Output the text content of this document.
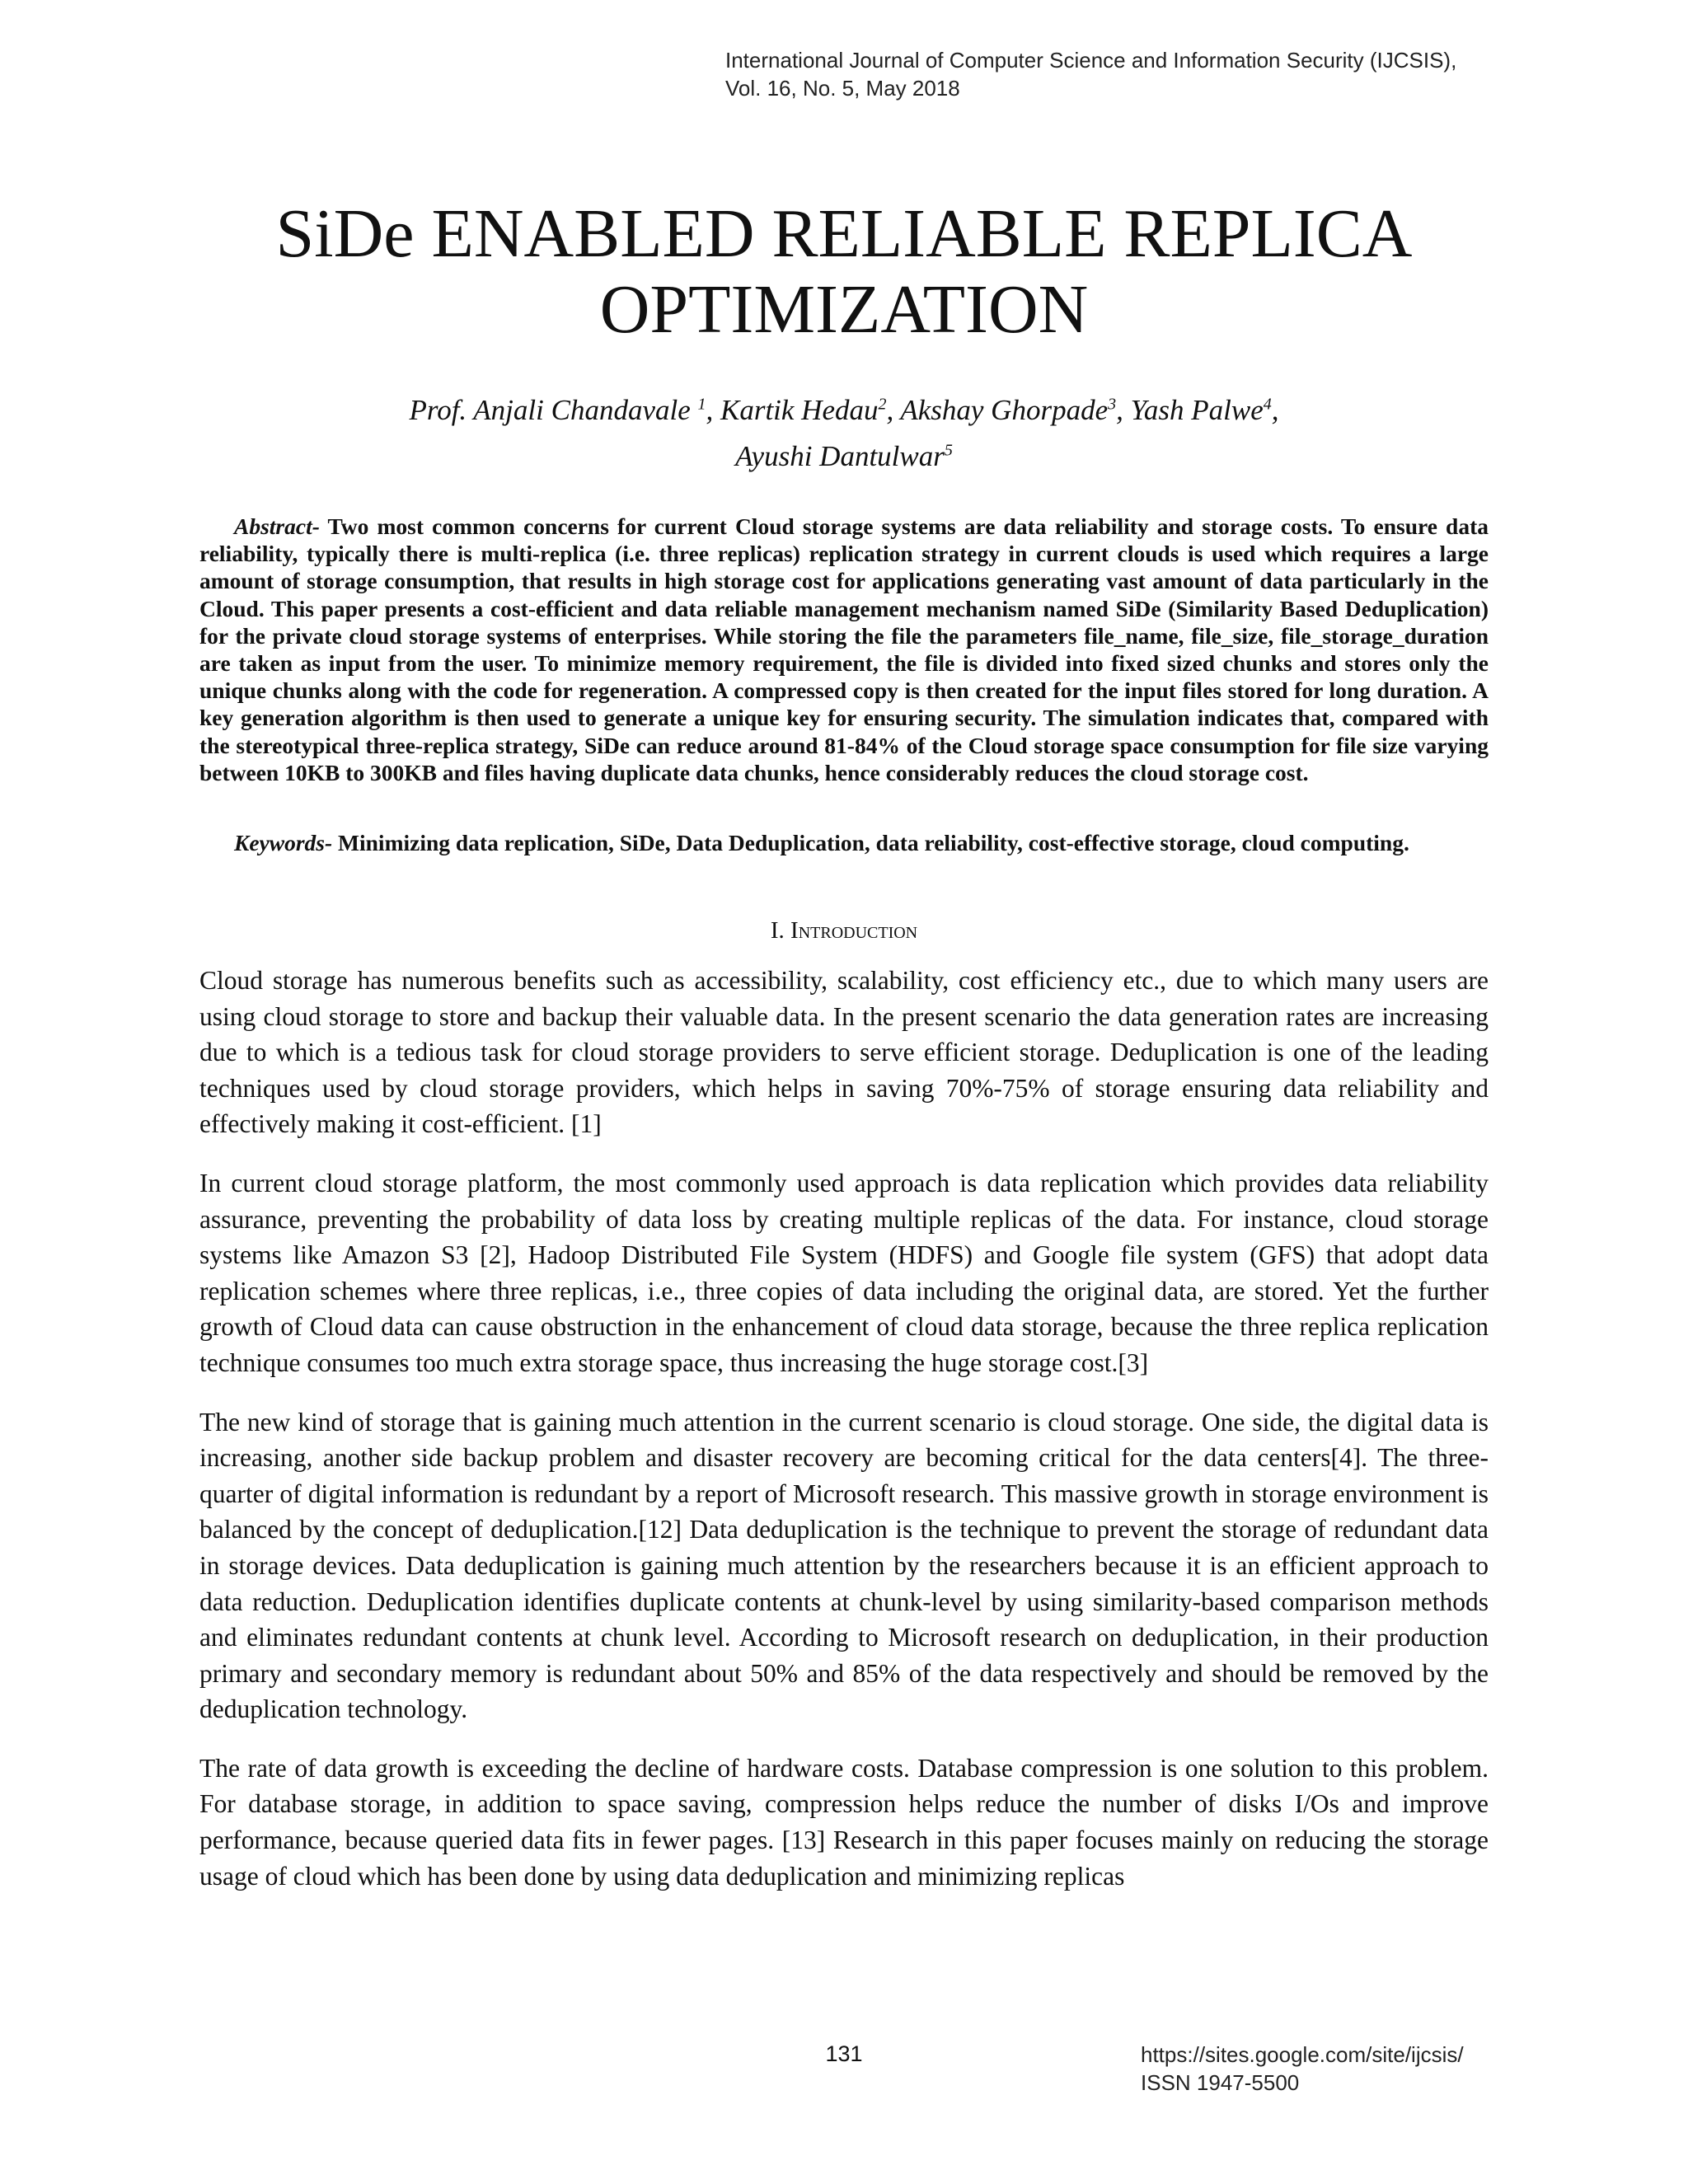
International Journal of Computer Science and Information Security (IJCSIS),
Vol. 16, No. 5, May 2018
SiDe ENABLED RELIABLE REPLICA
OPTIMIZATION
Prof. Anjali Chandavale $^1$, Kartik Hedau$^2$, Akshay Ghorpade$^3$, Yash Palwe$^4$,
Ayushi Dantulwar$^5$

Abstract- Two most common concerns for current Cloud storage systems are data reliability and storage costs. To ensure data reliability, typically there is multi-replica (i.e. three replicas) replication strategy in current clouds is used which requires a large amount of storage consumption, that results in high storage cost for applications generating vast amount of data particularly in the Cloud. This paper presents a cost-efficient and data reliable management mechanism named SiDe (Similarity Based Deduplication) for the private cloud storage systems of enterprises. While storing the file the parameters file_name, file_size, file_storage_duration are taken as input from the user. To minimize memory requirement, the file is divided into fixed sized chunks and stores only the unique chunks along with the code for regeneration. A compressed copy is then created for the input files stored for long duration. A key generation algorithm is then used to generate a unique key for ensuring security. The simulation indicates that, compared with the stereotypical three-replica strategy, SiDe can reduce around 81-84% of the Cloud storage space consumption for file size varying between 10KB to 300KB and files having duplicate data chunks, hence considerably reduces the cloud storage cost.

Keywords- Minimizing data replication, SiDe, Data Deduplication, data reliability, cost-effective storage, cloud computing.

I. Introduction

Cloud storage has numerous benefits such as accessibility, scalability, cost efficiency etc., due to which many users are using cloud storage to store and backup their valuable data. In the present scenario the data generation rates are increasing due to which is a tedious task for cloud storage providers to serve efficient storage. Deduplication is one of the leading techniques used by cloud storage providers, which helps in saving 70%-75% of storage ensuring data reliability and effectively making it cost-efficient. [1]

In current cloud storage platform, the most commonly used approach is data replication which provides data reliability assurance, preventing the probability of data loss by creating multiple replicas of the data. For instance, cloud storage systems like Amazon S3 [2], Hadoop Distributed File System (HDFS) and Google file system (GFS) that adopt data replication schemes where three replicas, i.e., three copies of data including the original data, are stored. Yet the further growth of Cloud data can cause obstruction in the enhancement of cloud data storage, because the three replica replication technique consumes too much extra storage space, thus increasing the huge storage cost.[3]

The new kind of storage that is gaining much attention in the current scenario is cloud storage. One side, the digital data is increasing, another side backup problem and disaster recovery are becoming critical for the data centers[4]. The three-quarter of digital information is redundant by a report of Microsoft research. This massive growth in storage environment is balanced by the concept of deduplication.[12] Data deduplication is the technique to prevent the storage of redundant data in storage devices. Data deduplication is gaining much attention by the researchers because it is an efficient approach to data reduction. Deduplication identifies duplicate contents at chunk-level by using similarity-based comparison methods and eliminates redundant contents at chunk level. According to Microsoft research on deduplication, in their production primary and secondary memory is redundant about 50% and 85% of the data respectively and should be removed by the deduplication technology.

The rate of data growth is exceeding the decline of hardware costs. Database compression is one solution to this problem. For database storage, in addition to space saving, compression helps reduce the number of disks I/Os and improve performance, because queried data fits in fewer pages. [13] Research in this paper focuses mainly on reducing the storage usage of cloud which has been done by using data deduplication and minimizing replicas

131	https://sites.google.com/site/ijcsis/
ISSN 1947-5500
